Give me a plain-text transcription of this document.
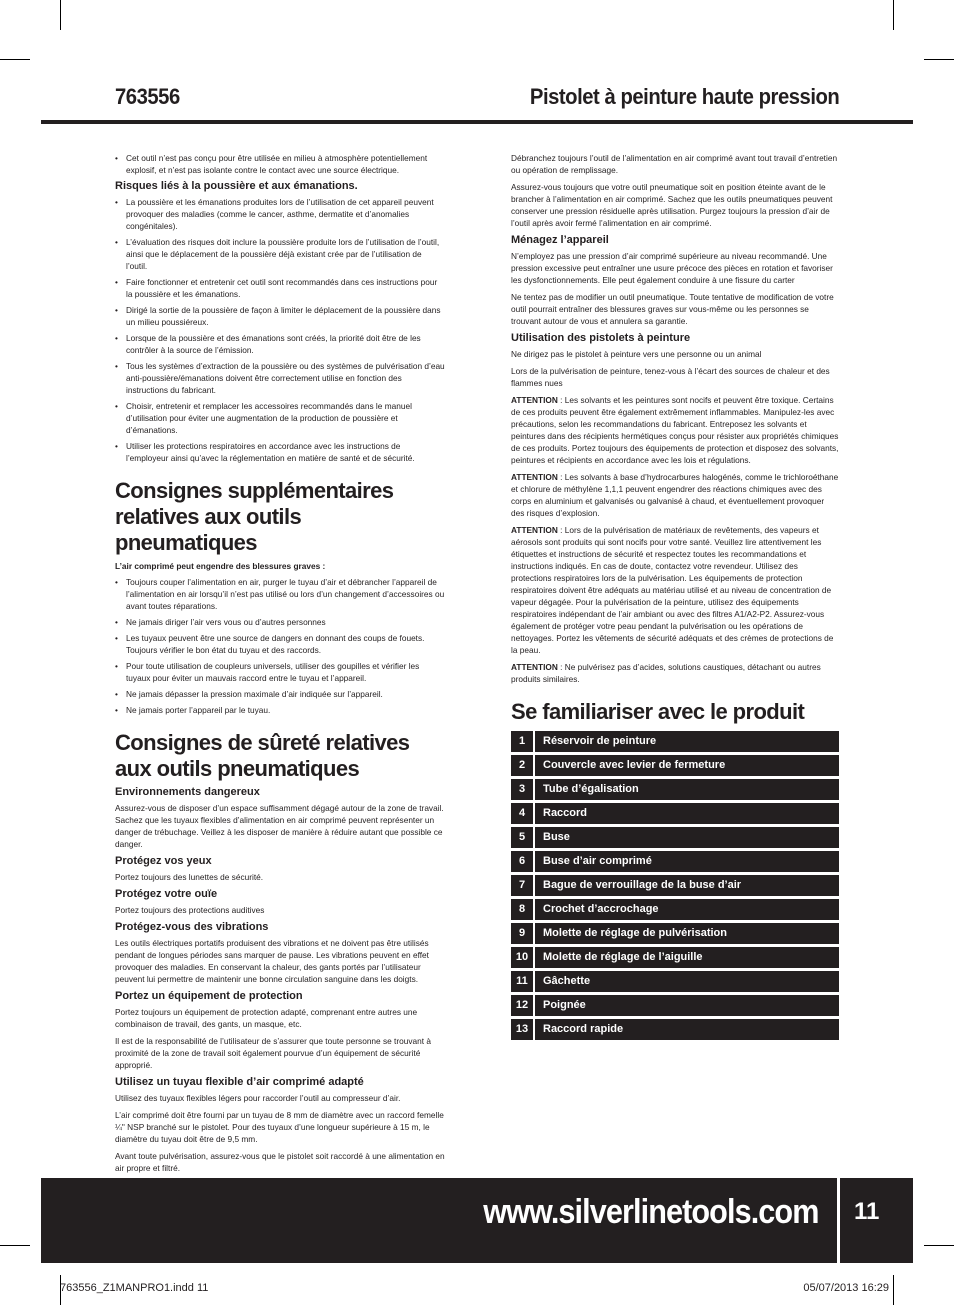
763556	Pistolet à peinture haute pression
• Cet outil n’est pas conçu pour être utilisée en milieu à atmosphère potentiellement explosif, et n’est pas isolante contre le contact avec une source électrique.
Risques liés à la poussière et aux émanations.
• La poussière et les émanations produites lors de l’utilisation de cet appareil peuvent provoquer des maladies (comme le cancer, asthme, dermatite et d’anomalies congénitales).
• L’évaluation des risques doit inclure la poussière produite lors de l’utilisation de l’outil, ainsi que le déplacement de la poussière déjà existant crée par de l’utilisation de l’outil.
• Faire fonctionner et entretenir cet outil sont recommandés dans ces instructions pour la poussière et les émanations.
• Dirigé la sortie de la poussière de façon à limiter le déplacement de la poussière dans un milieu poussiéreux.
• Lorsque de la poussière et des émanations sont créés, la priorité doit être de les contrôler à la source de l’émission.
• Tous les systèmes d’extraction de la poussière ou des systèmes de pulvérisation d’eau anti-poussière/émanations doivent être correctement utilise en fonction des instructions du fabricant.
• Choisir, entretenir et remplacer les accessoires recommandés dans le manuel d’utilisation pour éviter une augmentation de la production de poussière et d’émanations.
• Utiliser les protections respiratoires en accordance avec les instructions de l’employeur ainsi qu’avec la réglementation en matière de santé et de sécurité.
Consignes supplémentaires relatives aux outils pneumatiques
L’air comprimé peut engendre des blessures graves :
• Toujours couper l’alimentation en air, purger le tuyau d’air et débrancher l’appareil de l’alimentation en air lorsqu’il n’est pas utilisé ou lors d’un changement d’accessoires ou avant toutes réparations.
• Ne jamais diriger l’air vers vous ou d’autres personnes
• Les tuyaux peuvent être une source de dangers en donnant des coups de fouets. Toujours vérifier le bon état du tuyau et des raccords.
• Pour toute utilisation de coupleurs universels, utiliser des goupilles et vérifier les tuyaux pour éviter un mauvais raccord entre le tuyau et l’appareil.
• Ne jamais dépasser la pression maximale d’air indiquée sur l’appareil.
• Ne jamais porter l’appareil par le tuyau.
Consignes de sûreté relatives aux outils pneumatiques
Environnements dangereux

Assurez-vous de disposer d’un espace suffisamment dégagé autour de la zone de travail. Sachez que les tuyaux flexibles d’alimentation en air comprimé peuvent représenter un danger de trébuchage. Veillez à les disposer de manière à réduire autant que possible ce danger.

Protégez vos yeux

Portez toujours des lunettes de sécurité.

Protégez votre ouïe

Portez toujours des protections auditives

Protégez-vous des vibrations

Les outils électriques portatifs produisent des vibrations et ne doivent pas être utilisés pendant de longues périodes sans marquer de pause. Les vibrations peuvent en effet provoquer des maladies. En conservant la chaleur, des gants portés par l’utilisateur peuvent lui permettre de maintenir une bonne circulation sanguine dans les doigts.

Portez un équipement de protection

Portez toujours un équipement de protection adapté, comprenant entre autres une combinaison de travail, des gants, un masque, etc.

Il est de la responsabilité de l’utilisateur de s’assurer que toute personne se trouvant à proximité de la zone de travail soit également pourvue d’un équipement de sécurité approprié.

Utilisez un tuyau flexible d’air comprimé adapté

Utilisez des tuyaux flexibles légers pour raccorder l’outil au compresseur d’air.

L’air comprimé doit être fourni par un tuyau de 8 mm de diamètre avec un raccord femelle ¼" NSP branché sur le pistolet. Pour des tuyaux d’une longueur supérieure à 15 m, le diamètre du tuyau doit être de 9,5 mm.

Avant toute pulvérisation, assurez-vous que le pistolet soit raccordé à une alimentation en air propre et filtré.

Débranchez toujours l’outil de l’alimentation en air comprimé avant tout travail d’entretien ou opération de remplissage.

Assurez-vous toujours que votre outil pneumatique soit en position éteinte avant de le brancher à l’alimentation en air comprimé. Sachez que les outils pneumatiques peuvent conserver une pression résiduelle après utilisation. Purgez toujours la pression d’air de l’outil après avoir fermé l’alimentation en air comprimé.

Ménagez l’appareil

N’employez pas une pression d’air comprimé supérieure au niveau recommandé. Une pression excessive peut entraîner une usure précoce des pièces en rotation et favoriser les dysfonctionnements. Elle peut également conduire à une fissure du carter

Ne tentez pas de modifier un outil pneumatique. Toute tentative de modification de votre outil pourrait entraîner des blessures graves sur vous-même ou les personnes se trouvant autour de vous et annulera sa garantie.

Utilisation des pistolets à peinture

Ne dirigez pas le pistolet à peinture vers une personne ou un animal

Lors de la pulvérisation de peinture, tenez-vous à l’écart des sources de chaleur et des flammes nues

ATTENTION : Les solvants et les peintures sont nocifs et peuvent être toxique. Certains de ces produits peuvent être également extrêmement inflammables. Manipulez-les avec précautions, selon les recommandations du fabricant. Entreposez les solvants et peintures dans des récipients hermétiques conçus pour résister aux propriétés chimiques de ces produits. Portez toujours des équipements de protection et disposez des solvants, peintures et récipients en accordance avec les lois et régulations.

ATTENTION : Les solvants à base d’hydrocarbures halogénés, comme le trichloroéthane et chlorure de méthylène 1,1,1 peuvent engendrer des réactions chimiques avec des corps en aluminium et galvanisés ou galvanisé à chaud, et éventuellement provoquer des risques d’explosion.

ATTENTION : Lors de la pulvérisation de matériaux de revêtements, des vapeurs et aérosols sont produits qui sont nocifs pour votre santé. Veuillez lire attentivement les étiquettes et instructions de sécurité et respectez toutes les recommandations et instructions indiqués. En cas de doute, contactez votre revendeur. Utilisez des protections respiratoires lors de la pulvérisation. Les équipements de protection respiratoires doivent être adéquats au matériau utilisé et au niveau de concentration de vapeur dégagée. Pour la pulvérisation de la peinture, utilisez des équipements respiratoires indépendant de l’air ambiant ou avec des filtres A1/A2-P2. Assurez-vous également de protéger votre peau pendant la pulvérisation ou les opérations de nettoyages. Portez les vêtements de sécurité adéquats et des crèmes de protections de la peau.

ATTENTION : Ne pulvérisez pas d’acides, solutions caustiques, détachant ou autres produits similaires.

Se familiariser avec le produit
1	Réservoir de peinture
2	Couvercle avec levier de fermeture
3	Tube d’égalisation
4	Raccord
5	Buse
6	Buse d’air comprimé
7	Bague de verrouillage de la buse d’air
8	Crochet d’accrochage
9	Molette de réglage de pulvérisation
10	Molette de réglage de l’aiguille
11	Gâchette
12	Poignée
13	Raccord rapide
www.silverlinetools.com 11
763556_Z1MANPRO1.indd 11	05/07/2013 16:29
